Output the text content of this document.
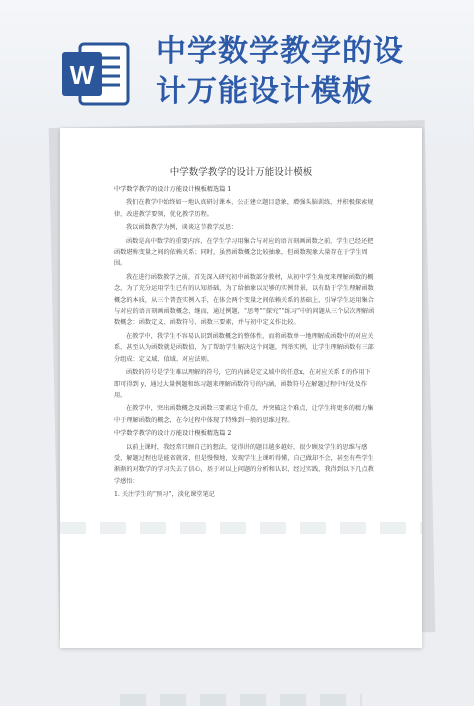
W
中学数学教学的设
计万能设计模板
中学数学教学的设计万能设计模板

中学数学教学的设计万能设计模板精选篇 1

我们在教学中始终如一地认真研讨课本，公正建立题目意象，增强头脑训练，并积极探索规律，改进教学要领，优化教学历程。

我以函数教学为例，谈谈这节教学反思：

函数是高中数学的重要内容，在学生学习用集合与对应的语言刻画函数之前，学生已经还把函数堪称变量之间的依赖关系；同时，虽然函数概念比较抽象，但函数现象大量存在于学生周围。

我在进行函数教学之前，首先深入研究初中函数部分教材，从初中学生角度来理解函数的概念，为了充分运用学生已有的认知基础，为了给抽象以足够的实例背景，以有助于学生理解函数概念的本质，从三个普查实例入手，在体会两个变量之间依赖关系的基础上，引导学生运用集合与对应的语言刻画函数概念，继而，通过例题，“思考”“探究”“练习”中的问题从三个层次理解函数概念：函数定义、函数符号、函数三要素，并与初中定义作比较。

在教学中，我学生不容易认识到函数概念的整体性，而将函数单一地理解成函数中的对应关系，甚至认为函数就是函数值，为了帮助学生解决这个问题，判举实例，让学生理解函数有三部分组成：定义域、值域、对应法则。

函数的符号是学生难以理解的符号，它的内涵是定义域中的任意x，在对应关系 f 的作用下即可得到 y，通过大量例题和练习题来理解函数符号的内涵，函数符号在解题过程中好处及作用。

在教学中，突出函数概念及函数三要素这个重点，并突破这个难点，让学生将更多的精力集中于理解函数的概念，在今过程中体现了特殊到一般的思维过程。

中学数学教学的设计万能设计模板精选篇 2

以前上课时，我经常只顾自己的想法，觉得讲的题目越多越好，很少顾及学生的思维与感受，解题过程也是能省就省，但是慢慢地，发现学生上课听得懂，自己做却不会，甚至有些学生渐渐的对数学的学习失去了信心，基于对以上问题的分析和认识，经过实践，我得到以下几点教学感悟：

1. 关注学生的“预习”，淡化课堂笔记
